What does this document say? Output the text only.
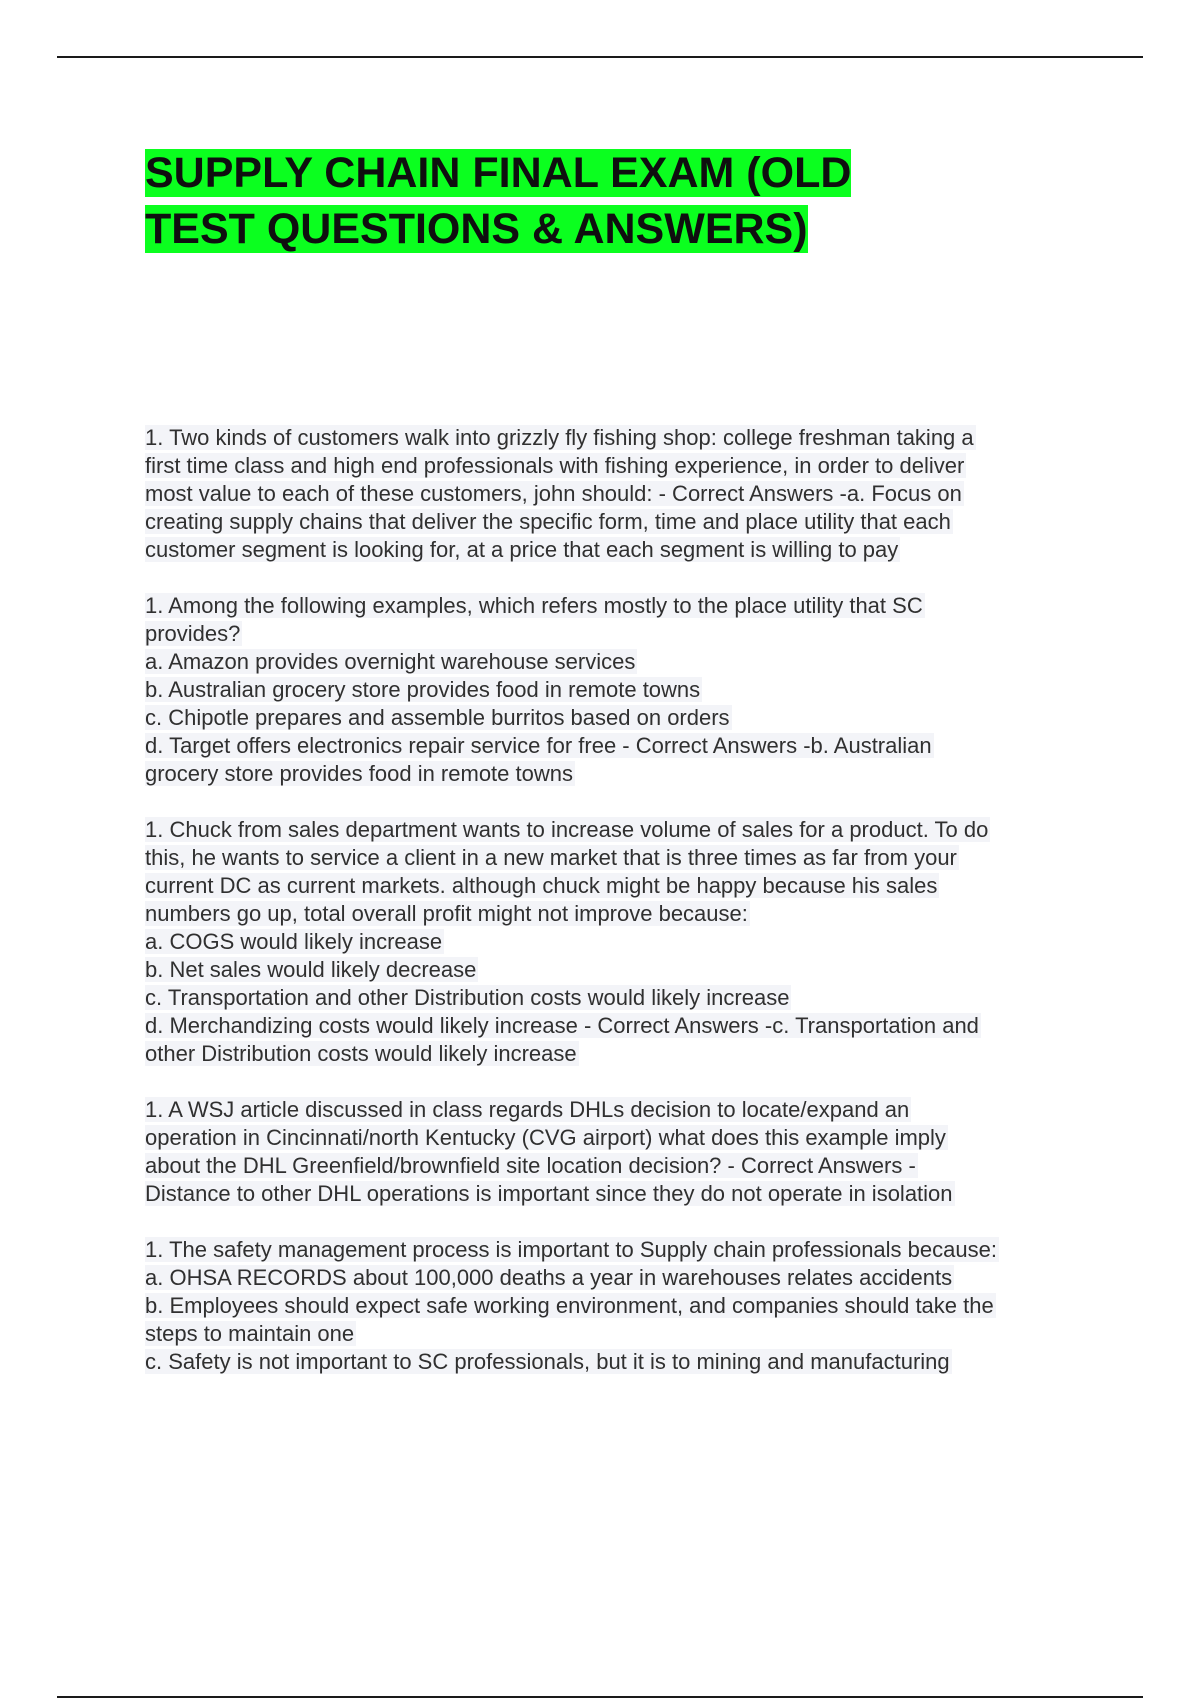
SUPPLY CHAIN FINAL EXAM (OLD
TEST QUESTIONS & ANSWERS)
1. Two kinds of customers walk into grizzly fly fishing shop: college freshman taking a
first time class and high end professionals with fishing experience, in order to deliver
most value to each of these customers, john should: - Correct Answers -a. Focus on
creating supply chains that deliver the specific form, time and place utility that each
customer segment is looking for, at a price that each segment is willing to pay
1. Among the following examples, which refers mostly to the place utility that SC
provides?
a. Amazon provides overnight warehouse services
b. Australian grocery store provides food in remote towns
c. Chipotle prepares and assemble burritos based on orders
d. Target offers electronics repair service for free - Correct Answers -b. Australian
grocery store provides food in remote towns
1. Chuck from sales department wants to increase volume of sales for a product. To do
this, he wants to service a client in a new market that is three times as far from your
current DC as current markets. although chuck might be happy because his sales
numbers go up, total overall profit might not improve because:
a. COGS would likely increase
b. Net sales would likely decrease
c. Transportation and other Distribution costs would likely increase
d. Merchandizing costs would likely increase - Correct Answers -c. Transportation and
other Distribution costs would likely increase
1. A WSJ article discussed in class regards DHLs decision to locate/expand an
operation in Cincinnati/north Kentucky (CVG airport) what does this example imply
about the DHL Greenfield/brownfield site location decision? - Correct Answers -
Distance to other DHL operations is important since they do not operate in isolation
1. The safety management process is important to Supply chain professionals because:
a. OHSA RECORDS about 100,000 deaths a year in warehouses relates accidents
b. Employees should expect safe working environment, and companies should take the
steps to maintain one
c. Safety is not important to SC professionals, but it is to mining and manufacturing
